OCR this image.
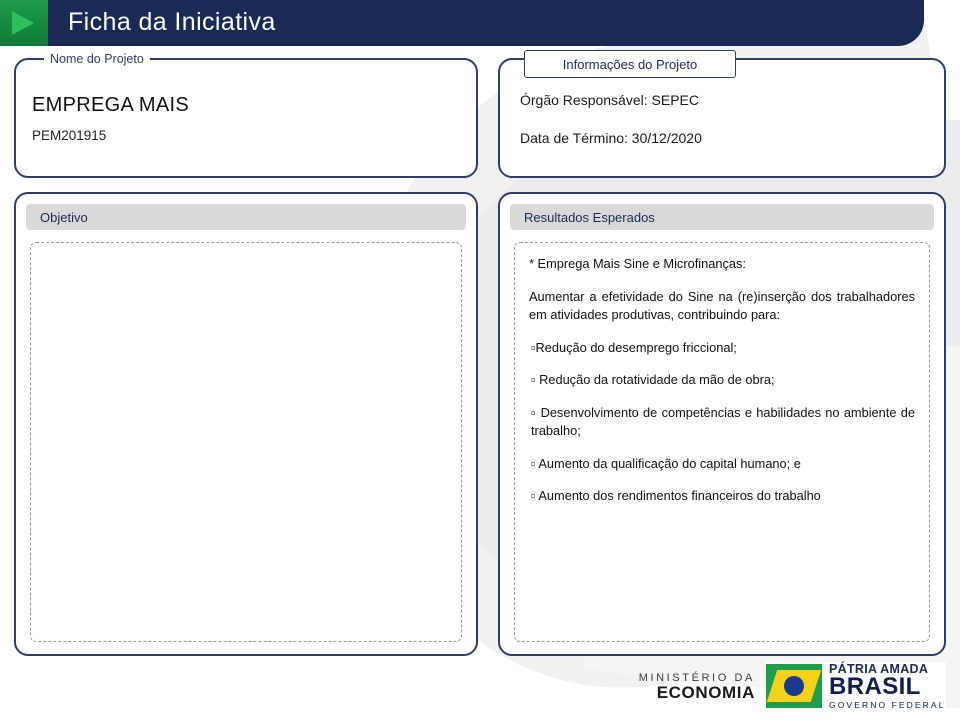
Ficha da Iniciativa
EMPREGA MAIS
PEM201915
Nome do Projeto
Órgão Responsável: SEPEC
Data de Término: 30/12/2020
Informações do Projeto
Objetivo	Resultados Esperados

* Emprega Mais Sine e Microfinanças:

Aumentar a efetividade do Sine na (re)inserção dos trabalhadores em atividades produtivas, contribuindo para:

▫Redução do desemprego friccional;

▫ Redução da rotatividade da mão de obra;

▫ Desenvolvimento de competências e habilidades no ambiente de trabalho;

▫ Aumento da qualificação do capital humano; e

▫ Aumento dos rendimentos financeiros do trabalho

MINISTÉRIO DA
ECONOMIA
PÁTRIA AMADA
BRASIL
GOVERNO FEDERAL
